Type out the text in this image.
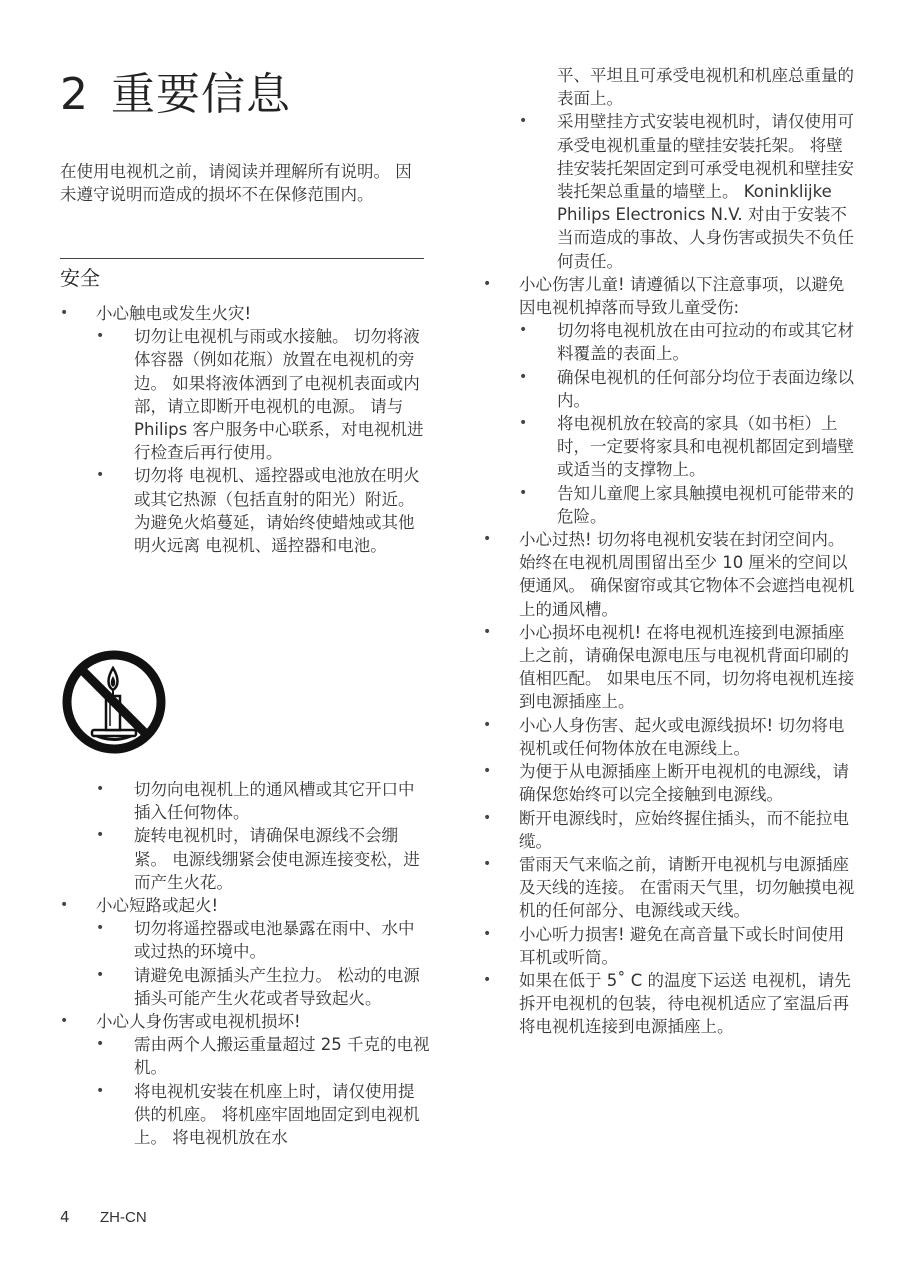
2 重要信息

在使用电视机之前，请阅读并理解所有说明。 因未遵守说明而造成的损坏不在保修范围内。

安全
• 小心触电或发生火灾!
• 切勿让电视机与雨或水接触。 切勿将液体容器（例如花瓶）放置在电视机的旁边。 如果将液体洒到了电视机表面或内部，请立即断开电视机的电源。 请与 Philips 客户服务中心联系，对电视机进行检查后再行使用。
• 切勿将 电视机、遥控器或电池放在明火或其它热源（包括直射的阳光）附近。
为避免火焰蔓延，请始终使蜡烛或其他明火远离 电视机、遥控器和电池。
• 切勿向电视机上的通风槽或其它开口中插入任何物体。
• 旋转电视机时，请确保电源线不会绷紧。 电源线绷紧会使电源连接变松，进而产生火花。
• 小心短路或起火!
• 切勿将遥控器或电池暴露在雨中、水中或过热的环境中。
• 请避免电源插头产生拉力。 松动的电源插头可能产生火花或者导致起火。
• 小心人身伤害或电视机损坏!
• 需由两个人搬运重量超过 25 千克的电视机。
• 将电视机安装在机座上时，请仅使用提供的机座。 将机座牢固地固定到电视机上。 将电视机放在水
平、平坦且可承受电视机和机座总重量的表面上。
• 采用壁挂方式安装电视机时，请仅使用可承受电视机重量的壁挂安装托架。 将壁挂安装托架固定到可承受电视机和壁挂安装托架总重量的墙壁上。 Koninklijke Philips Electronics N.V. 对由于安装不当而造成的事故、人身伤害或损失不负任何责任。
• 小心伤害儿童! 请遵循以下注意事项，以避免因电视机掉落而导致儿童受伤:
• 切勿将电视机放在由可拉动的布或其它材料覆盖的表面上。
• 确保电视机的任何部分均位于表面边缘以内。
• 将电视机放在较高的家具（如书柜）上时，一定要将家具和电视机都固定到墙壁或适当的支撑物上。
• 告知儿童爬上家具触摸电视机可能带来的危险。
• 小心过热! 切勿将电视机安装在封闭空间内。 始终在电视机周围留出至少 10 厘米的空间以便通风。 确保窗帘或其它物体不会遮挡电视机上的通风槽。
• 小心损坏电视机! 在将电视机连接到电源插座上之前，请确保电源电压与电视机背面印刷的值相匹配。 如果电压不同，切勿将电视机连接到电源插座上。
• 小心人身伤害、起火或电源线损坏! 切勿将电视机或任何物体放在电源线上。
• 为便于从电源插座上断开电视机的电源线，请确保您始终可以完全接触到电源线。
• 断开电源线时，应始终握住插头，而不能拉电缆。
• 雷雨天气来临之前，请断开电视机与电源插座及天线的连接。 在雷雨天气里，切勿触摸电视机的任何部分、电源线或天线。
• 小心听力损害! 避免在高音量下或长时间使用耳机或听筒。
• 如果在低于 5˚ C 的温度下运送 电视机，请先拆开电视机的包装，待电视机适应了室温后再将电视机连接到电源插座上。
4 ZH-CN
